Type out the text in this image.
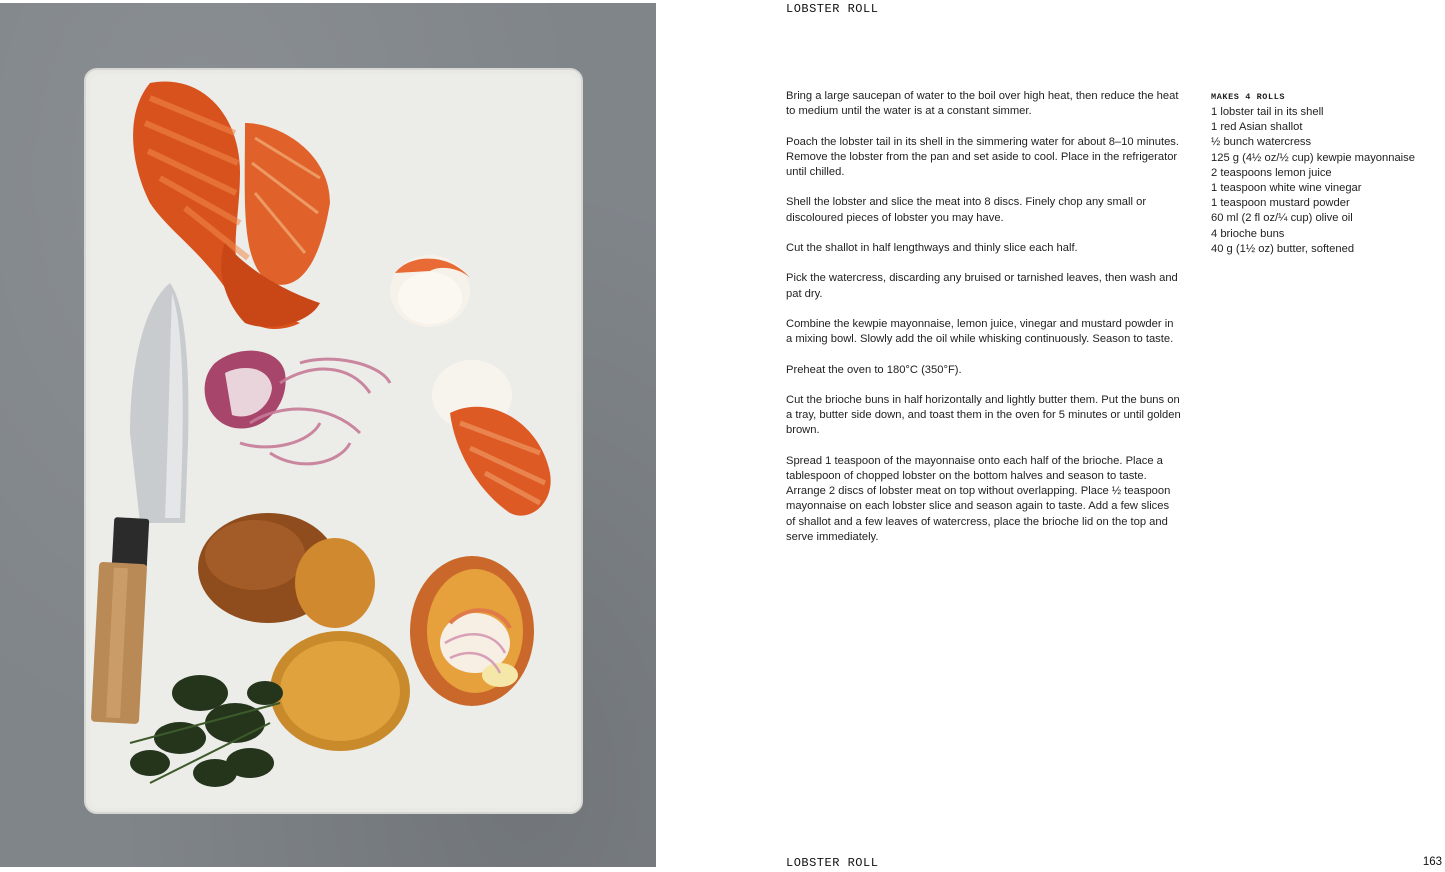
LOBSTER ROLL

Bring a large saucepan of water to the boil over high heat, then reduce the heat to medium until the water is at a constant simmer.

Poach the lobster tail in its shell in the simmering water for about 8–10 minutes. Remove the lobster from the pan and set aside to cool. Place in the refrigerator until chilled.

Shell the lobster and slice the meat into 8 discs. Finely chop any small or discoloured pieces of lobster you may have.

Cut the shallot in half lengthways and thinly slice each half.

Pick the watercress, discarding any bruised or tarnished leaves, then wash and pat dry.

Combine the kewpie mayonnaise, lemon juice, vinegar and mustard powder in a mixing bowl. Slowly add the oil while whisking continuously. Season to taste.

Preheat the oven to 180°C (350°F).

Cut the brioche buns in half horizontally and lightly butter them. Put the buns on a tray, butter side down, and toast them in the oven for 5 minutes or until golden brown.

Spread 1 teaspoon of the mayonnaise onto each half of the brioche. Place a tablespoon of chopped lobster on the bottom halves and season to taste. Arrange 2 discs of lobster meat on top without overlapping. Place ½ teaspoon mayonnaise on each lobster slice and season again to taste. Add a few slices of shallot and a few leaves of watercress, place the brioche lid on the top and serve immediately.

MAKES 4 ROLLS
1 lobster tail in its shell
1 red Asian shallot
½ bunch watercress
125 g (4½ oz/½ cup) kewpie mayonnaise
2 teaspoons lemon juice
1 teaspoon white wine vinegar
1 teaspoon mustard powder
60 ml (2 fl oz/¼ cup) olive oil
4 brioche buns
40 g (1½ oz) butter, softened
LOBSTER ROLL	163
